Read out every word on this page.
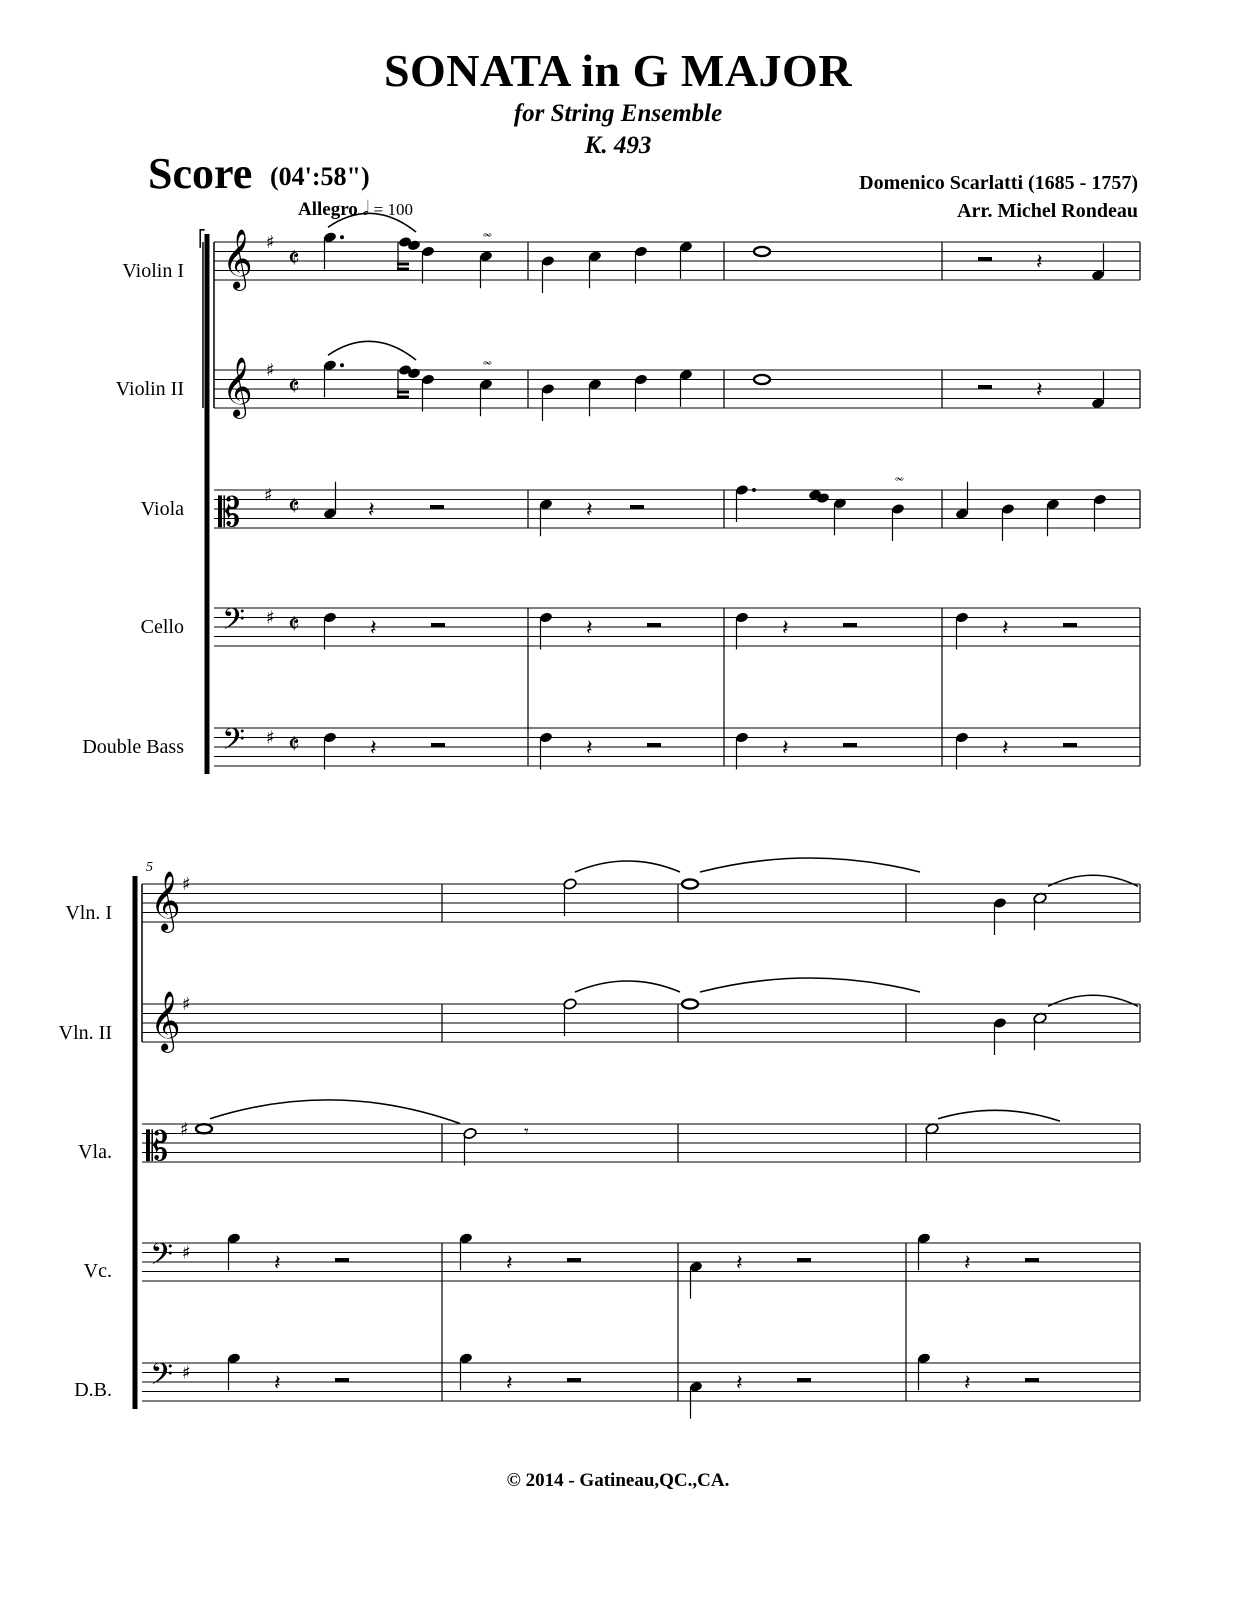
SONATA in G MAJOR
for String Ensemble
K. 493
Score (04':58")	Domenico Scarlatti (1685 - 1757)
Arr. Michel Rondeau
Allegro 𝅗𝅥 = 100
Violin I
Violin II
Viola
Cello
Double Bass
5
Vln. I
Vln. II
Vla.
Vc.
D.B.
© 2014 - Gatineau,QC.,CA.
⎡ 𝄞 ♯
𝄵
𝄞 ♯
𝄵
𝄡 ♯ 𝄵
𝄢 ♯ 𝄵
𝄢 ♯ 𝄵
𝆗
𝄽
𝆗
𝄽
𝄽	𝄽
𝆗
𝄽	𝄽	𝄽	𝄽
𝄽	𝄽	𝄽	𝄽
𝄞 ♯
𝄞 ♯
𝄡 ♯
𝄢 ♯
𝄢 ♯
𝄾
𝄽	𝄽	𝄽
𝄽
𝄽	𝄽	𝄽
𝄽
